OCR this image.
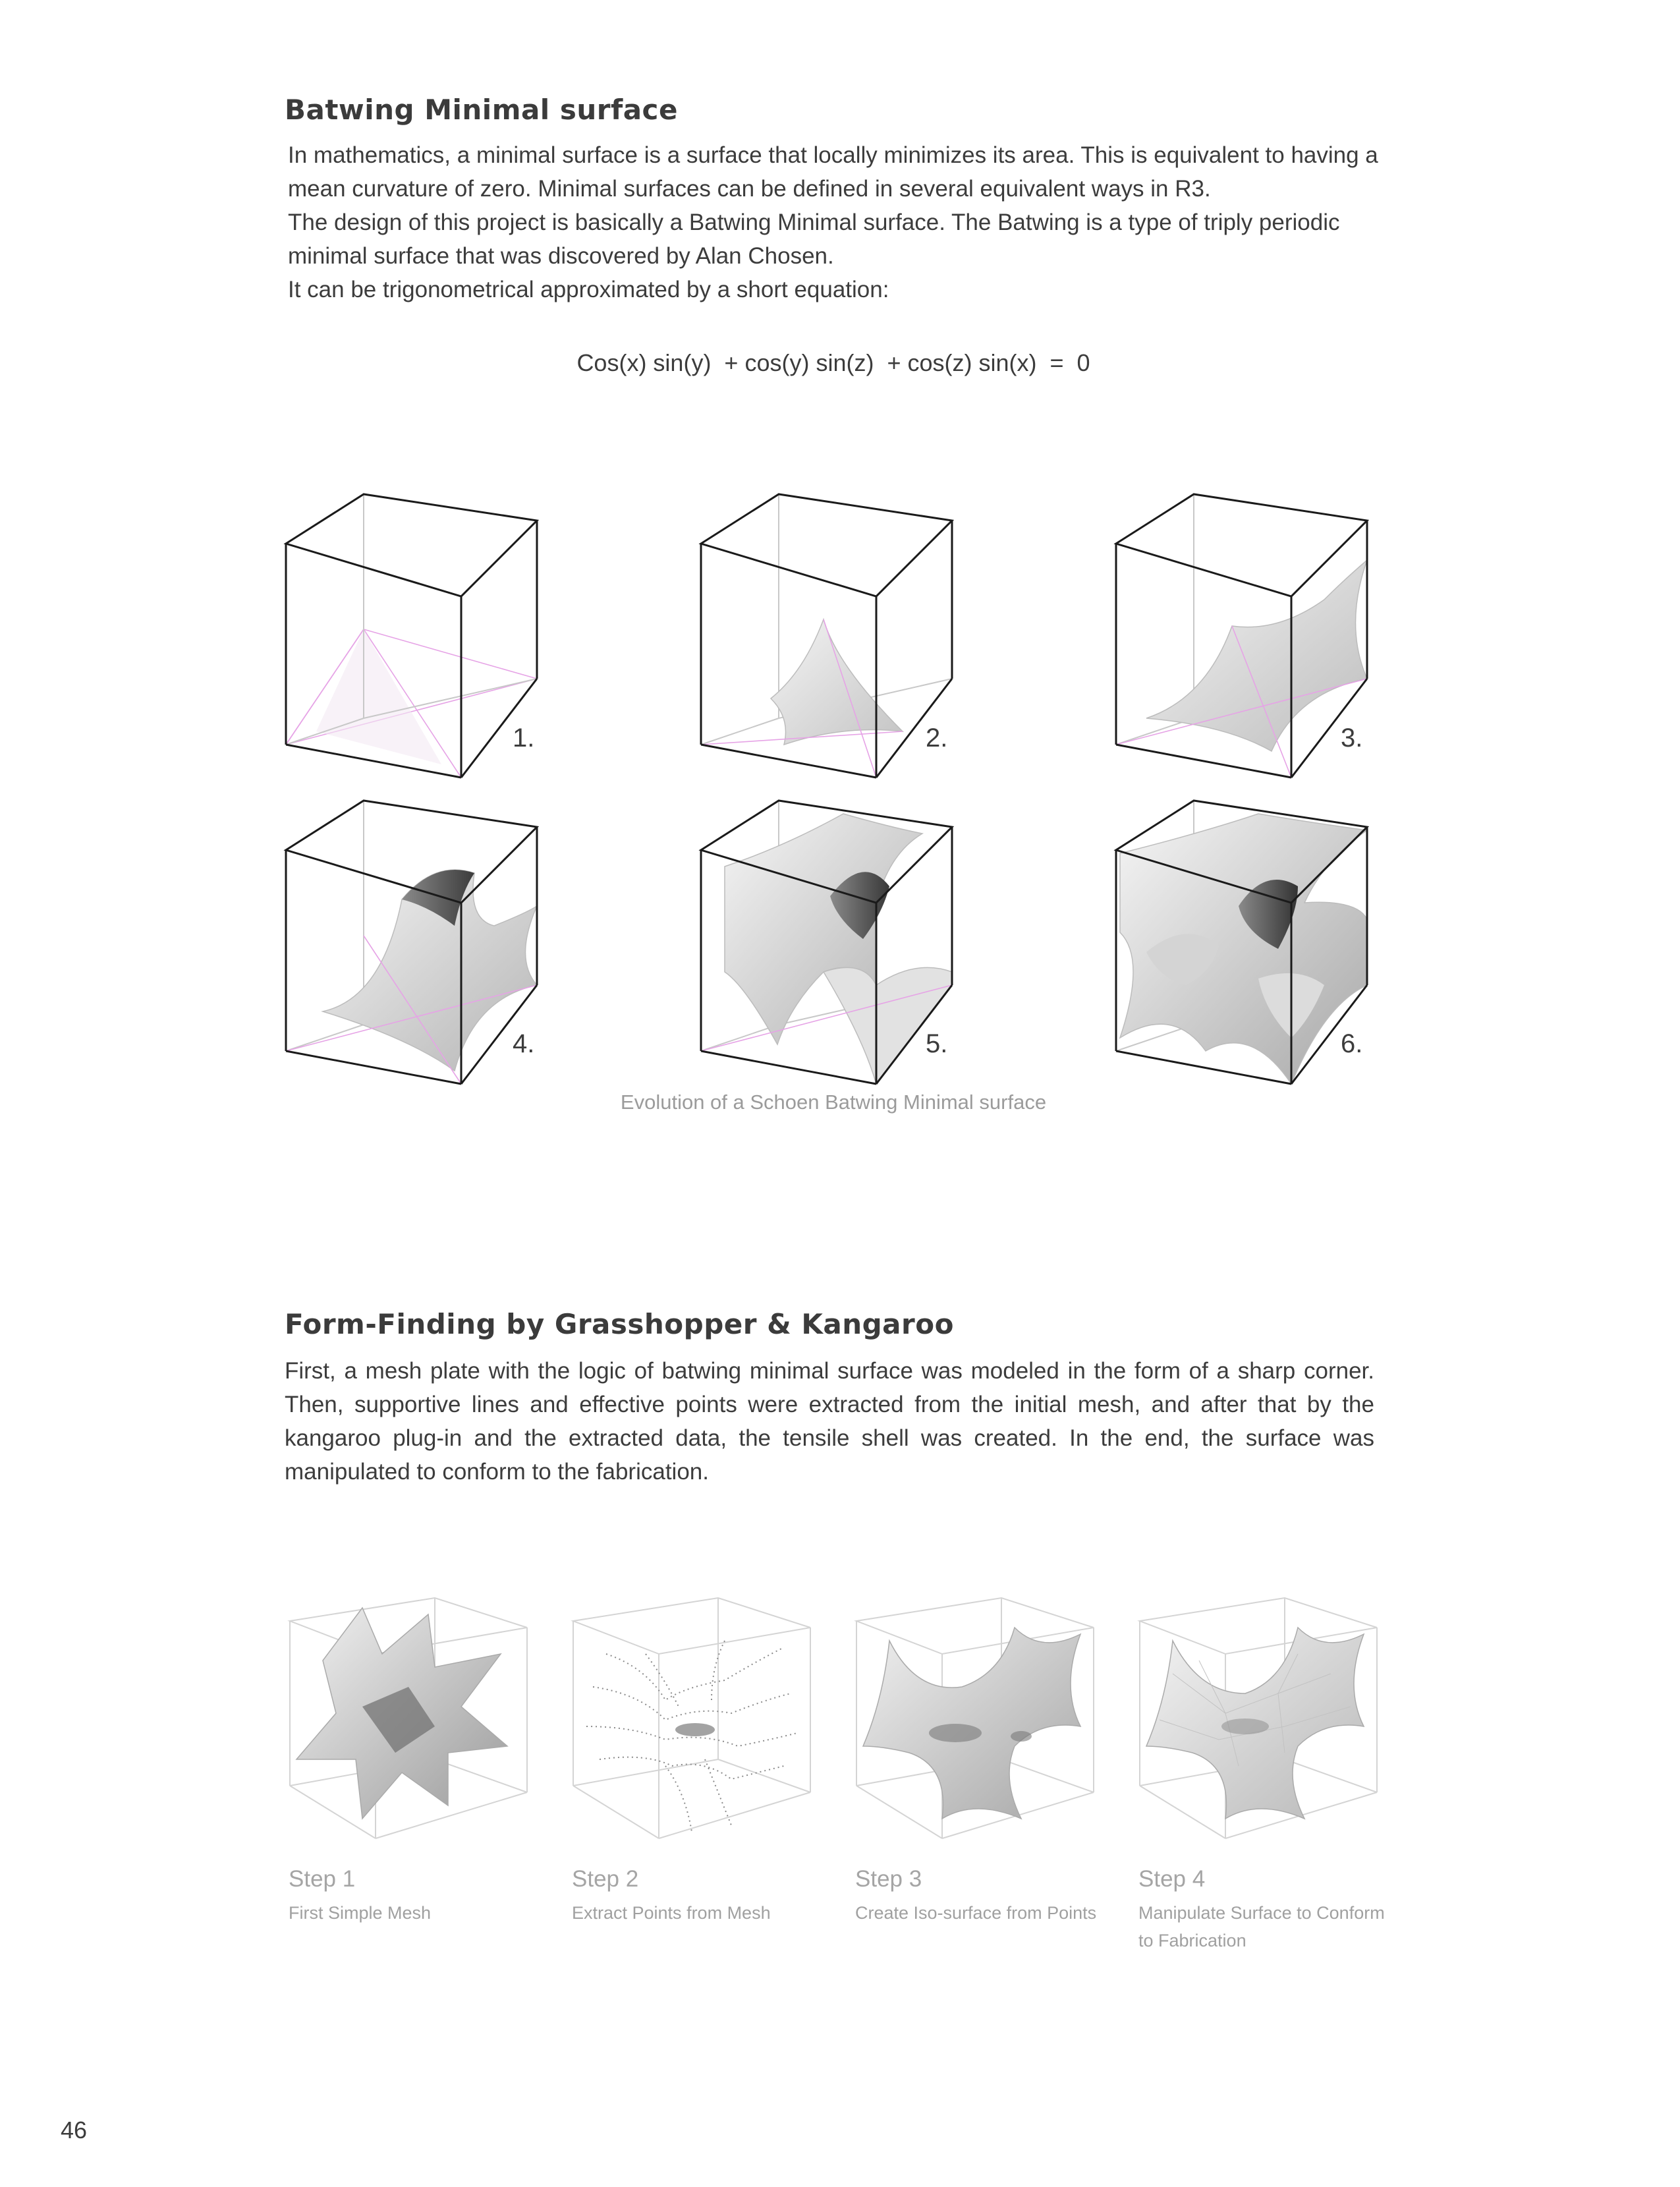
Batwing Minimal surface

In mathematics, a minimal surface is a surface that locally minimizes its area. This is equivalent to having a

mean curvature of zero. Minimal surfaces can be defined in several equivalent ways in R3.

The design of this project is basically a Batwing Minimal surface. The Batwing is a type of triply periodic

minimal surface that was discovered by Alan Chosen.

It can be trigonometrical approximated by a short equation:

Cos(x) sin(y)  + cos(y) sin(z)  + cos(z) sin(x)  =  0
1.	2.	3.
4.	5.	6.
Evolution of a Schoen Batwing Minimal surface
Form-Finding by Grasshopper & Kangaroo
First, a mesh plate with the logic of batwing minimal surface was modeled in the form of a sharp corner. Then, supportive lines and effective points were extracted from the initial mesh, and after that by the kangaroo plug-in and the extracted data, the tensile shell was created. In the end, the surface was manipulated to conform to the fabrication.
Step 1
First Simple Mesh
Step 2
Extract Points from Mesh
Step 3
Create Iso-surface from Points
Step 4
Manipulate Surface to Conform to Fabrication
46
